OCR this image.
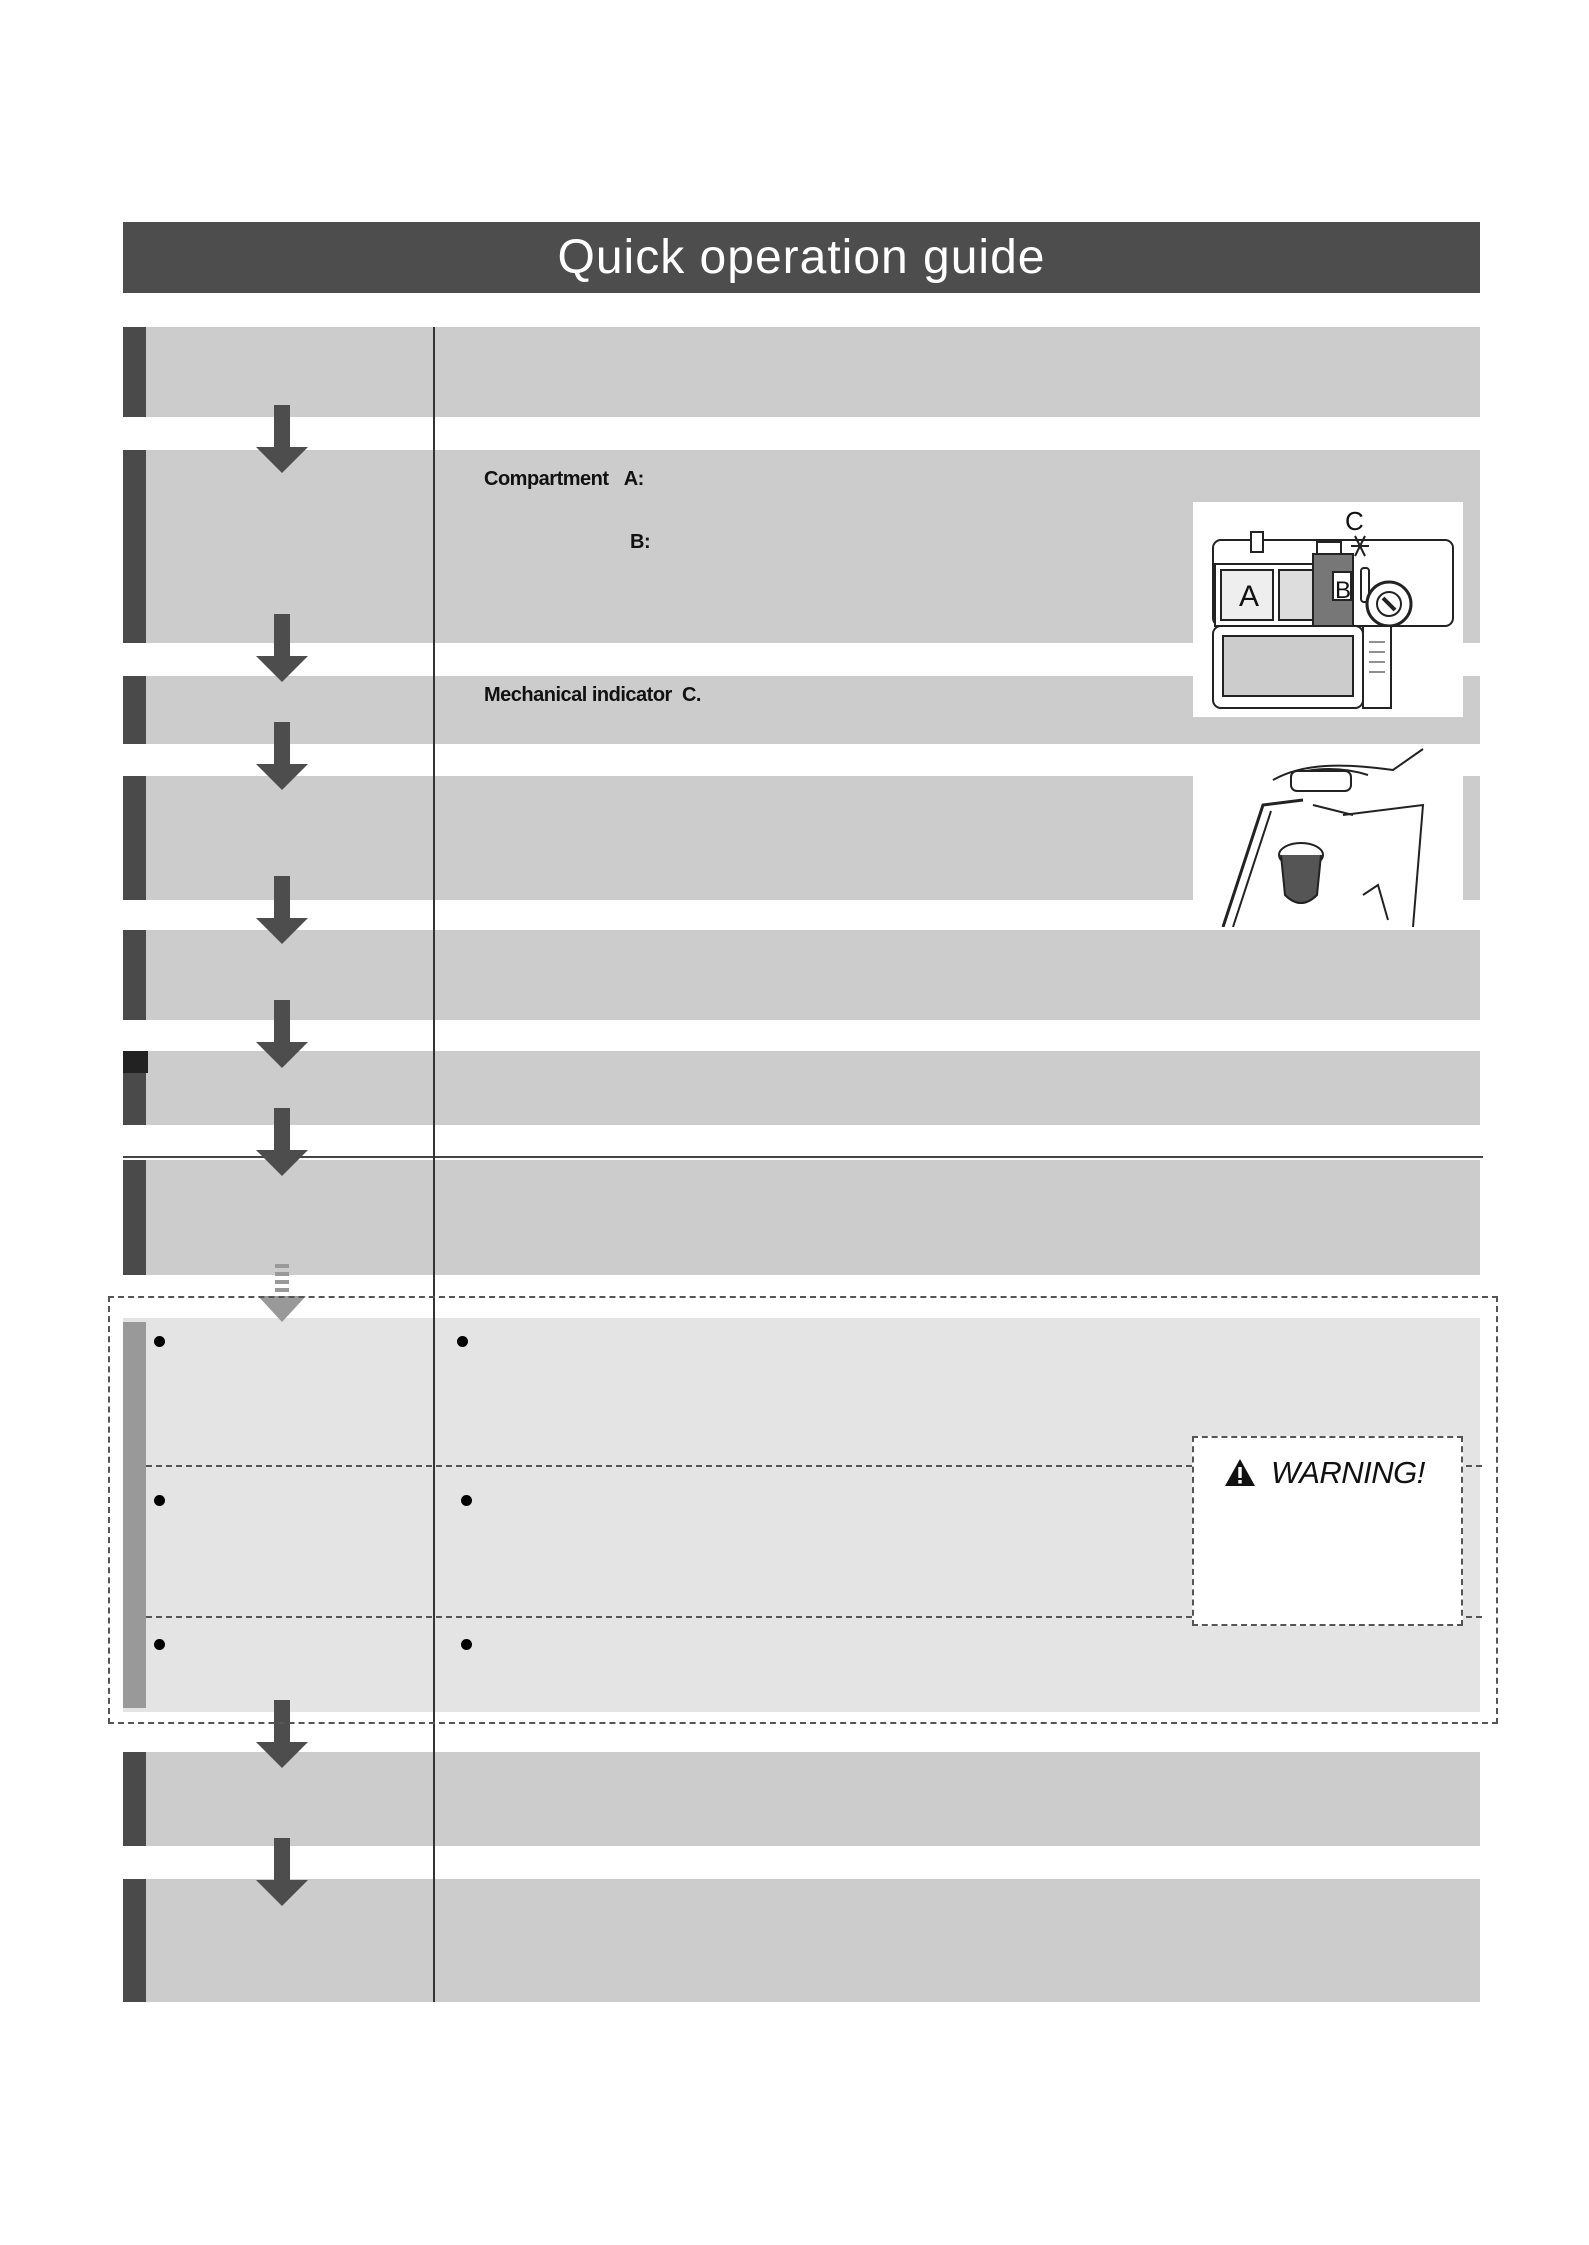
Quick operation guide
Compartment A:
B:
Mechanical indicator C.
C
A	B
WARNING!
